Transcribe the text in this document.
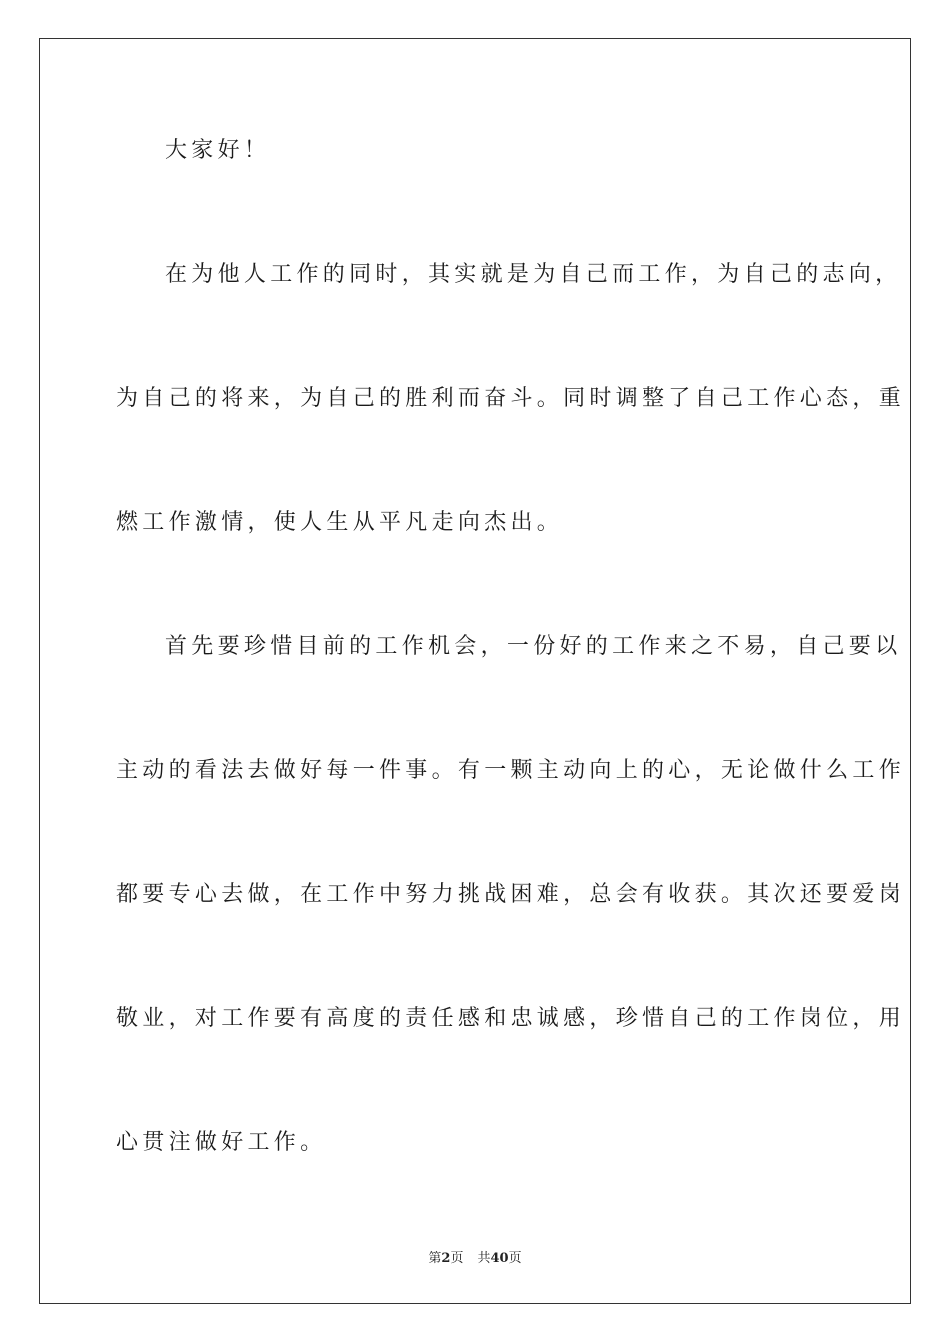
大家好！

在为他人工作的同时，其实就是为自己而工作，为自己的志向，

为自己的将来，为自己的胜利而奋斗。同时调整了自己工作心态，重

燃工作激情，使人生从平凡走向杰出。

首先要珍惜目前的工作机会，一份好的工作来之不易，自己要以

主动的看法去做好每一件事。有一颗主动向上的心，无论做什么工作

都要专心去做，在工作中努力挑战困难，总会有收获。其次还要爱岗

敬业，对工作要有高度的责任感和忠诚感，珍惜自己的工作岗位，用

心贯注做好工作。

第2页 共40页
